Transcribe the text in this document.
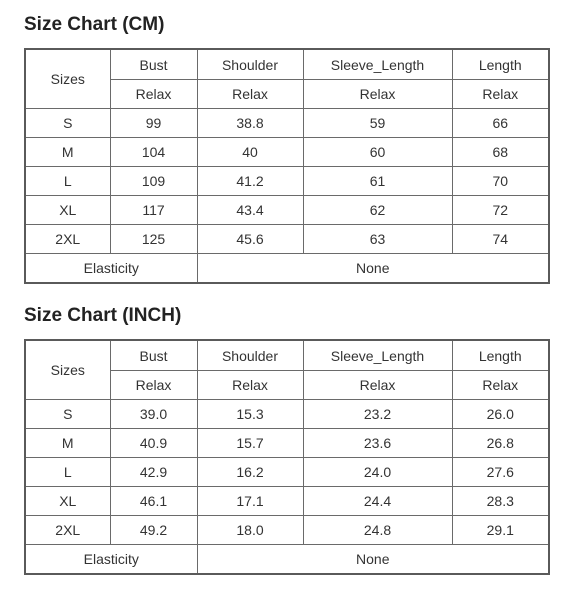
Size Chart (CM)
Sizes	Bust	Shoulder	Sleeve_Length	Length
	Relax	Relax	Relax	Relax
S	99	38.8	59	66
M	104	40	60	68
L	109	41.2	61	70
XL	117	43.4	62	72
2XL	125	45.6	63	74
Elasticity		None		
Size Chart (INCH)
Sizes	Bust	Shoulder	Sleeve_Length	Length
	Relax	Relax	Relax	Relax
S	39.0	15.3	23.2	26.0
M	40.9	15.7	23.6	26.8
L	42.9	16.2	24.0	27.6
XL	46.1	17.1	24.4	28.3
2XL	49.2	18.0	24.8	29.1
Elasticity		None		
